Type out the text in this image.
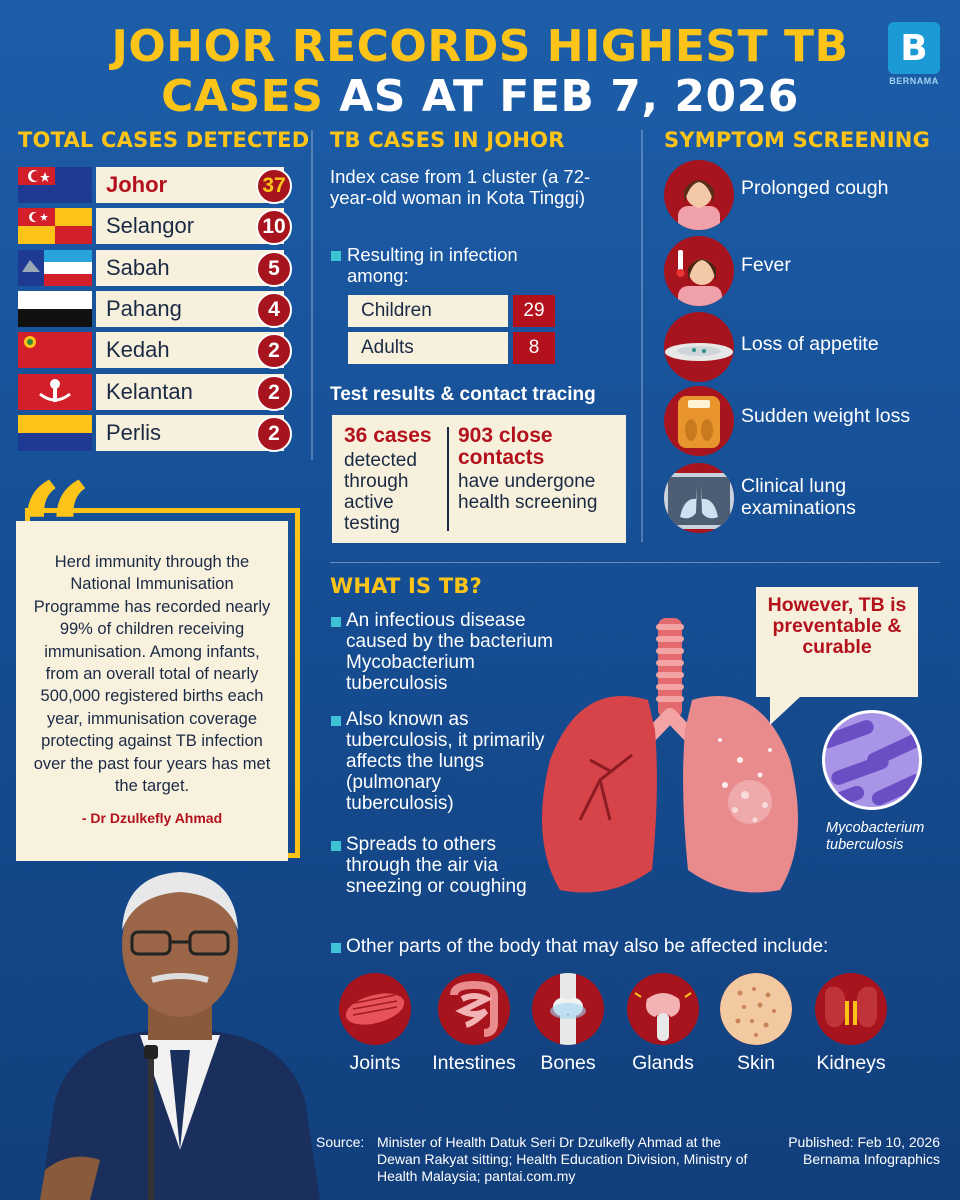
JOHOR RECORDS HIGHEST TB
CASES AS AT FEB 7, 2026
B
BERNAMA
TOTAL CASES DETECTED
Johor	37
Selangor	10
Sabah	5
Pahang	4
Kedah	2
Kelantan	2
Perlis	2
Herd immunity through the National Immunisation Programme has recorded nearly 99% of children receiving immunisation. Among infants, from an overall total of nearly 500,000 registered births each year, immunisation coverage protecting against TB infection over the past four years has met the target.
- Dr Dzulkefly Ahmad
“
TB CASES IN JOHOR
Index case from 1 cluster (a 72-year-old woman in Kota Tinggi)
Resulting in infection among:
Children	29
Adults	8
Test results & contact tracing
36 cases
detected through active testing
903 close contacts
have undergone health screening
SYMPTOM SCREENING
Prolonged cough
Fever
Loss of appetite
Sudden weight loss
Clinical lung examinations
WHAT IS TB?
An infectious disease caused by the bacterium Mycobacterium tuberculosis
Also known as tuberculosis, it primarily affects the lungs (pulmonary tuberculosis)
Spreads to others through the air via sneezing or coughing
However, TB is preventable & curable
Mycobacterium tuberculosis
Other parts of the body that may also be affected include:
Joints	Intestines	Bones	Glands	Skin	Kidneys
Source: Minister of Health Datuk Seri Dr Dzulkefly Ahmad at the Dewan Rakyat sitting; Health Education Division, Ministry of Health Malaysia; pantai.com.my
Published: Feb 10, 2026
Bernama Infographics
